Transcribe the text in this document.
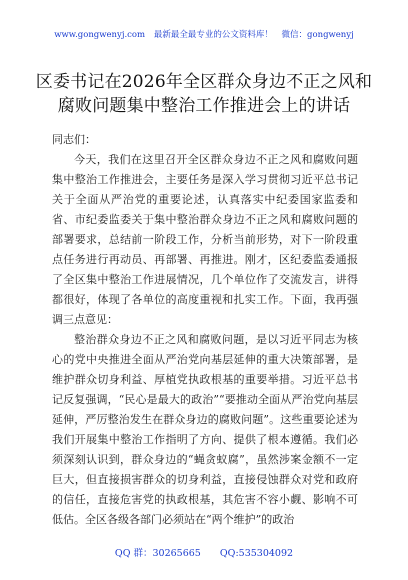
www.gongwenyj.com 最新最全最专业的公文资料库！ 微信：gongwenyj
区委书记在2026年全区群众身边不正之风和
腐败问题集中整治工作推进会上的讲话

同志们：

今天，我们在这里召开全区群众身边不正之风和腐败问题集中整治工作推进会，主要任务是深入学习贯彻习近平总书记关于全面从严治党的重要论述，认真落实中纪委国家监委和省、市纪委监委关于集中整治群众身边不正之风和腐败问题的部署要求，总结前一阶段工作，分析当前形势，对下一阶段重点任务进行再动员、再部署、再推进。刚才，区纪委监委通报了全区集中整治工作进展情况，几个单位作了交流发言，讲得都很好，体现了各单位的高度重视和扎实工作。下面，我再强调三点意见：

整治群众身边不正之风和腐败问题，是以习近平同志为核心的党中央推进全面从严治党向基层延伸的重大决策部署，是维护群众切身利益、厚植党执政根基的重要举措。习近平总书记反复强调，“民心是最大的政治”“要推动全面从严治党向基层延伸，严厉整治发生在群众身边的腐败问题”。这些重要论述为我们开展集中整治工作指明了方向、提供了根本遵循。我们必须深刻认识到，群众身边的“蝇贪蚁腐”，虽然涉案金额不一定巨大，但直接损害群众的切身利益，直接侵蚀群众对党和政府的信任，直接危害党的执政根基，其危害不容小觑、影响不可低估。全区各级各部门必须站在“两个维护”的政治

QQ 群：30265665 QQ:535304092
